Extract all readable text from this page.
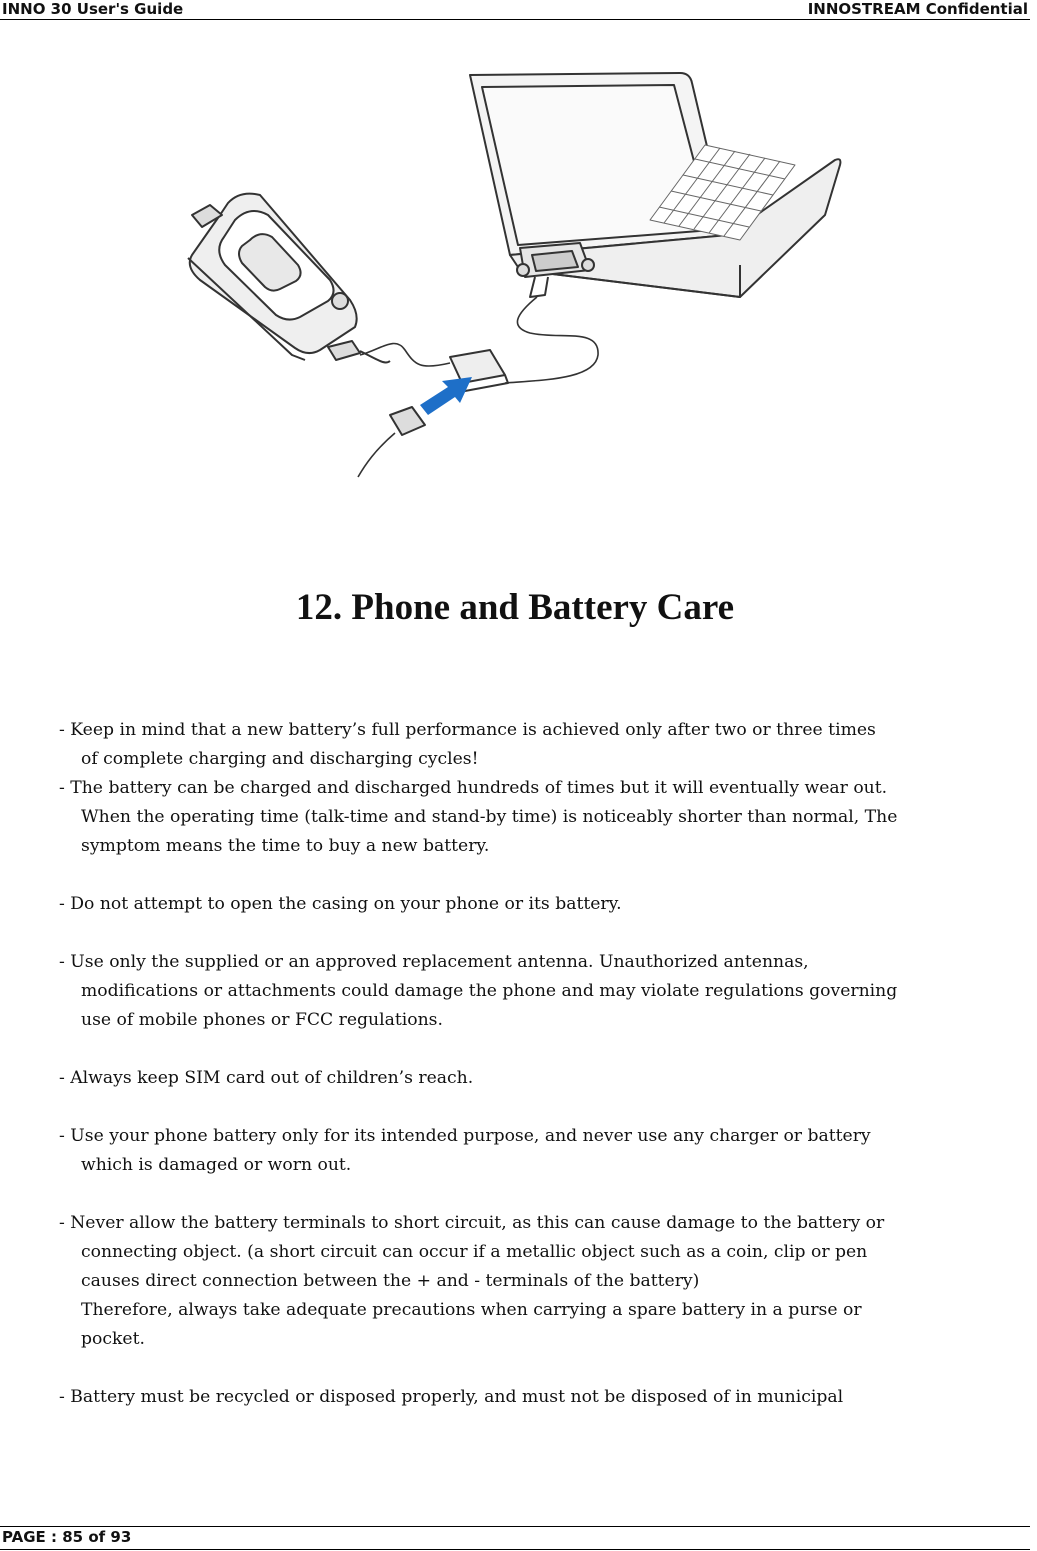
INNO 30 User's Guide	INNOSTREAM Confidential
12. Phone and Battery Care
- Keep in mind that a new battery’s full performance is achieved only after two or three times
of complete charging and discharging cycles!
- The battery can be charged and discharged hundreds of times but it will eventually wear out.
When the operating time (talk-time and stand-by time) is noticeably shorter than normal, The
symptom means the time to buy a new battery.
- Do not attempt to open the casing on your phone or its battery.
- Use only the supplied or an approved replacement antenna. Unauthorized antennas,
modifications or attachments could damage the phone and may violate regulations governing
use of mobile phones or FCC regulations.
- Always keep SIM card out of children’s reach.
- Use your phone battery only for its intended purpose, and never use any charger or battery
which is damaged or worn out.
- Never allow the battery terminals to short circuit, as this can cause damage to the battery or
connecting object. (a short circuit can occur if a metallic object such as a coin, clip or pen
causes direct connection between the + and - terminals of the battery)
Therefore, always take adequate precautions when carrying a spare battery in a purse or
pocket.
- Battery must be recycled or disposed properly, and must not be disposed of in municipal
PAGE : 85 of 93
